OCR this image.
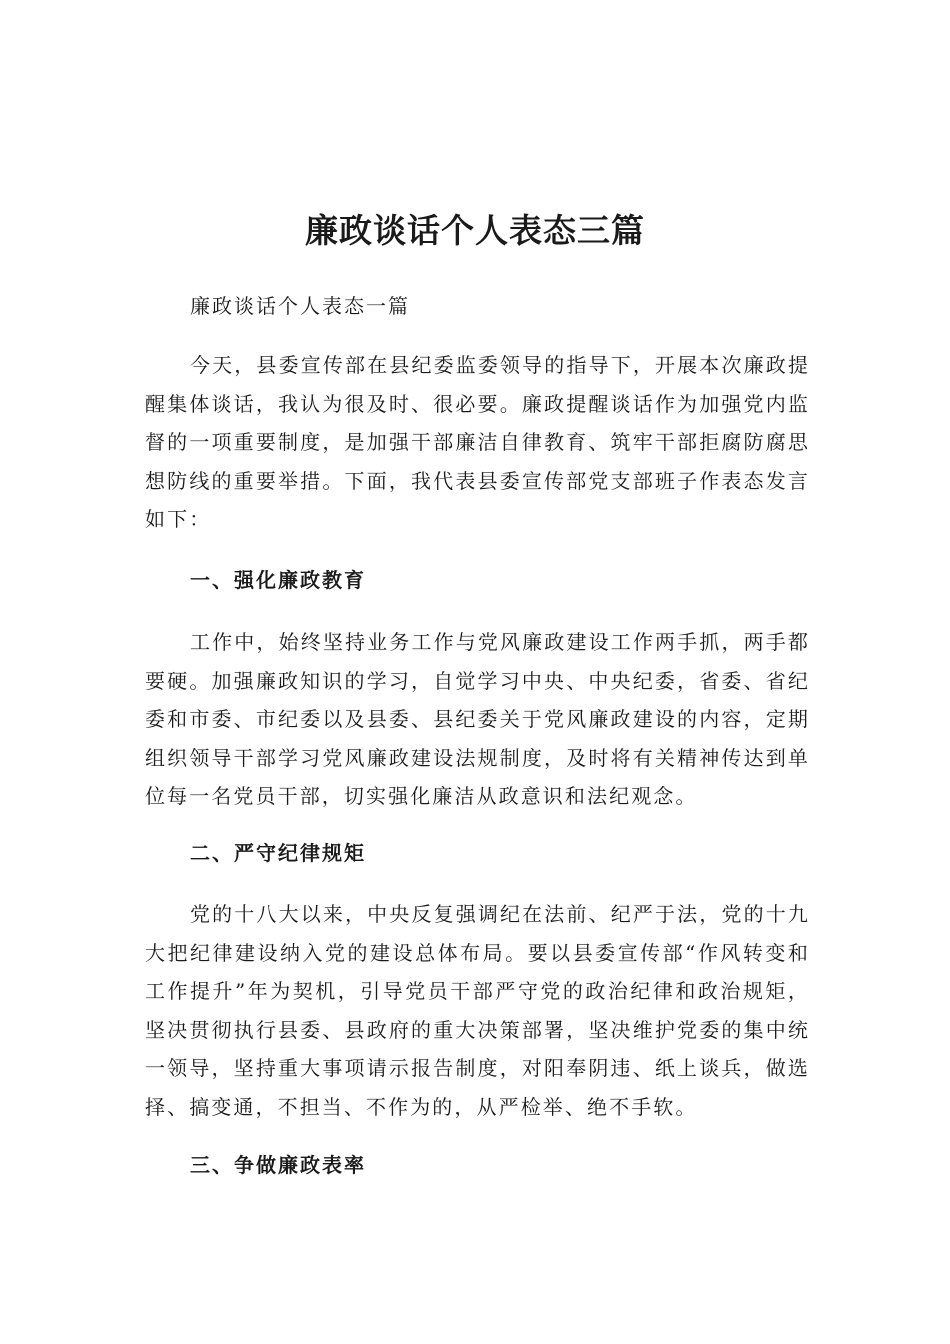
廉政谈话个人表态三篇

廉政谈话个人表态一篇

今天，县委宣传部在县纪委监委领导的指导下，开展本次廉政提醒集体谈话，我认为很及时、很必要。廉政提醒谈话作为加强党内监督的一项重要制度，是加强干部廉洁自律教育、筑牢干部拒腐防腐思想防线的重要举措。下面，我代表县委宣传部党支部班子作表态发言如下：

一、强化廉政教育

工作中，始终坚持业务工作与党风廉政建设工作两手抓，两手都要硬。加强廉政知识的学习，自觉学习中央、中央纪委，省委、省纪委和市委、市纪委以及县委、县纪委关于党风廉政建设的内容，定期组织领导干部学习党风廉政建设法规制度，及时将有关精神传达到单位每一名党员干部，切实强化廉洁从政意识和法纪观念。

二、严守纪律规矩

党的十八大以来，中央反复强调纪在法前、纪严于法，党的十九大把纪律建设纳入党的建设总体布局。要以县委宣传部“作风转变和工作提升”年为契机，引导党员干部严守党的政治纪律和政治规矩，坚决贯彻执行县委、县政府的重大决策部署，坚决维护党委的集中统一领导，坚持重大事项请示报告制度，对阳奉阴违、纸上谈兵，做选择、搞变通，不担当、不作为的，从严检举、绝不手软。

三、争做廉政表率
